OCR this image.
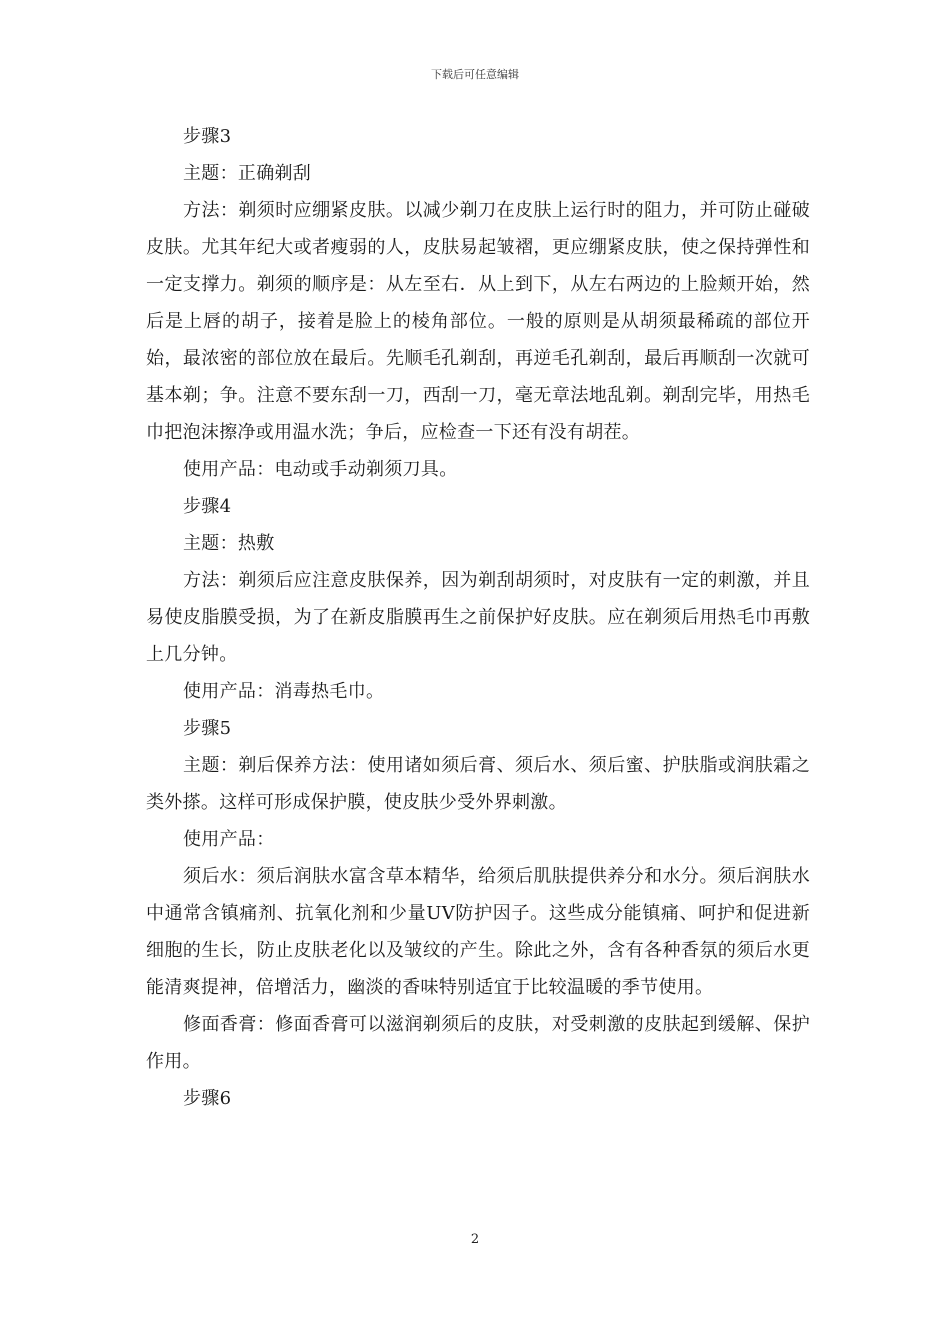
下载后可任意编辑

步骤3

主题：正确剃刮

方法：剃须时应绷紧皮肤。以减少剃刀在皮肤上运行时的阻力，并可防止碰破皮肤。尤其年纪大或者瘦弱的人，皮肤易起皱褶，更应绷紧皮肤，使之保持弹性和一定支撑力。剃须的顺序是：从左至右．从上到下，从左右两边的上脸颊开始，然后是上唇的胡子，接着是脸上的棱角部位。一般的原则是从胡须最稀疏的部位开始，最浓密的部位放在最后。先顺毛孔剃刮，再逆毛孔剃刮，最后再顺刮一次就可基本剃；争。注意不要东刮一刀，西刮一刀，毫无章法地乱剃。剃刮完毕，用热毛巾把泡沫擦净或用温水洗；争后，应检查一下还有没有胡茬。

使用产品：电动或手动剃须刀具。

步骤4

主题：热敷

方法：剃须后应注意皮肤保养，因为剃刮胡须时，对皮肤有一定的刺激，并且易使皮脂膜受损，为了在新皮脂膜再生之前保护好皮肤。应在剃须后用热毛巾再敷上几分钟。

使用产品：消毒热毛巾。

步骤5

主题：剃后保养方法：使用诸如须后膏、须后水、须后蜜、护肤脂或润肤霜之类外搽。这样可形成保护膜，使皮肤少受外界刺激。

使用产品：

须后水：须后润肤水富含草本精华，给须后肌肤提供养分和水分。须后润肤水中通常含镇痛剂、抗氧化剂和少量UV防护因子。这些成分能镇痛、呵护和促进新细胞的生长，防止皮肤老化以及皱纹的产生。除此之外，含有各种香氛的须后水更能清爽提神，倍增活力，幽淡的香味特别适宜于比较温暖的季节使用。

修面香膏：修面香膏可以滋润剃须后的皮肤，对受刺激的皮肤起到缓解、保护作用。

步骤6

2
